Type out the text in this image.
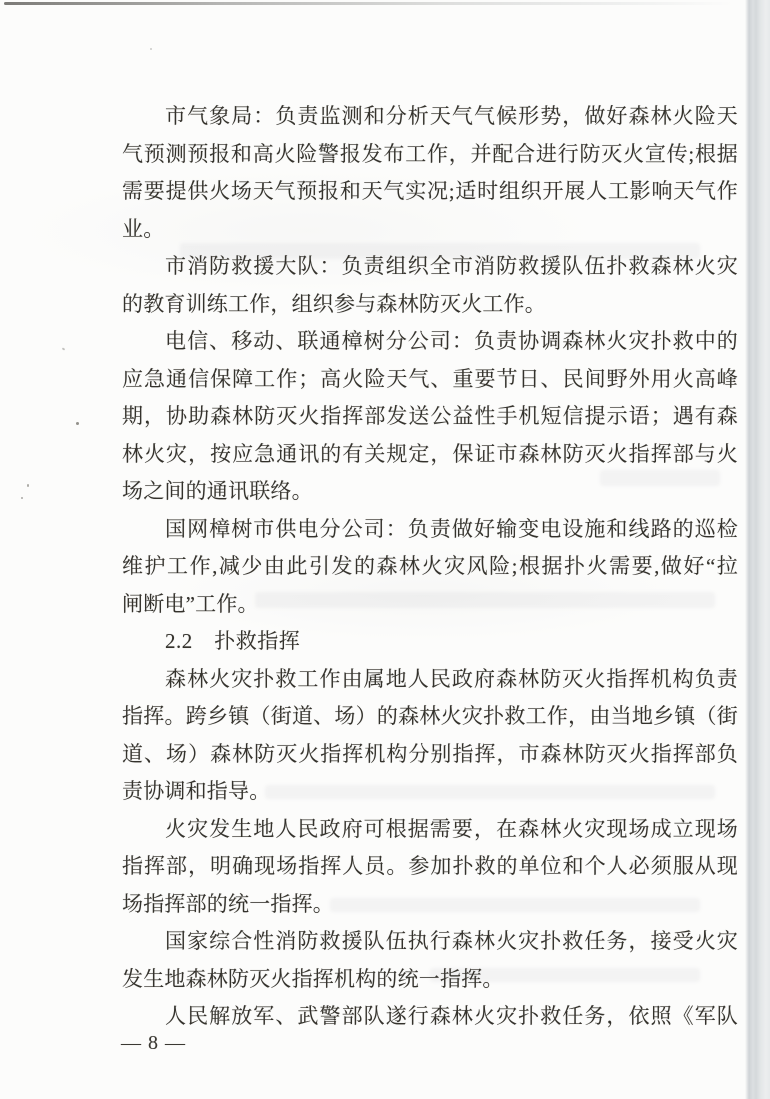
市气象局：负责监测和分析天气气候形势，做好森林火险天
气预测预报和高火险警报发布工作，并配合进行防灭火宣传;根据
需要提供火场天气预报和天气实况;适时组织开展人工影响天气作
业。
市消防救援大队：负责组织全市消防救援队伍扑救森林火灾
的教育训练工作，组织参与森林防灭火工作。
电信、移动、联通樟树分公司：负责协调森林火灾扑救中的
应急通信保障工作；高火险天气、重要节日、民间野外用火高峰
期，协助森林防灭火指挥部发送公益性手机短信提示语；遇有森
林火灾，按应急通讯的有关规定，保证市森林防灭火指挥部与火
场之间的通讯联络。
国网樟树市供电分公司：负责做好输变电设施和线路的巡检
维护工作,减少由此引发的森林火灾风险;根据扑火需要,做好“拉
闸断电”工作。
2.2　扑救指挥
森林火灾扑救工作由属地人民政府森林防灭火指挥机构负责
指挥。跨乡镇（街道、场）的森林火灾扑救工作，由当地乡镇（街
道、场）森林防灭火指挥机构分别指挥，市森林防灭火指挥部负
责协调和指导。
火灾发生地人民政府可根据需要，在森林火灾现场成立现场
指挥部，明确现场指挥人员。参加扑救的单位和个人必须服从现
场指挥部的统一指挥。
国家综合性消防救援队伍执行森林火灾扑救任务，接受火灾
发生地森林防灭火指挥机构的统一指挥。
人民解放军、武警部队遂行森林火灾扑救任务，依照《军队
— 8 —
